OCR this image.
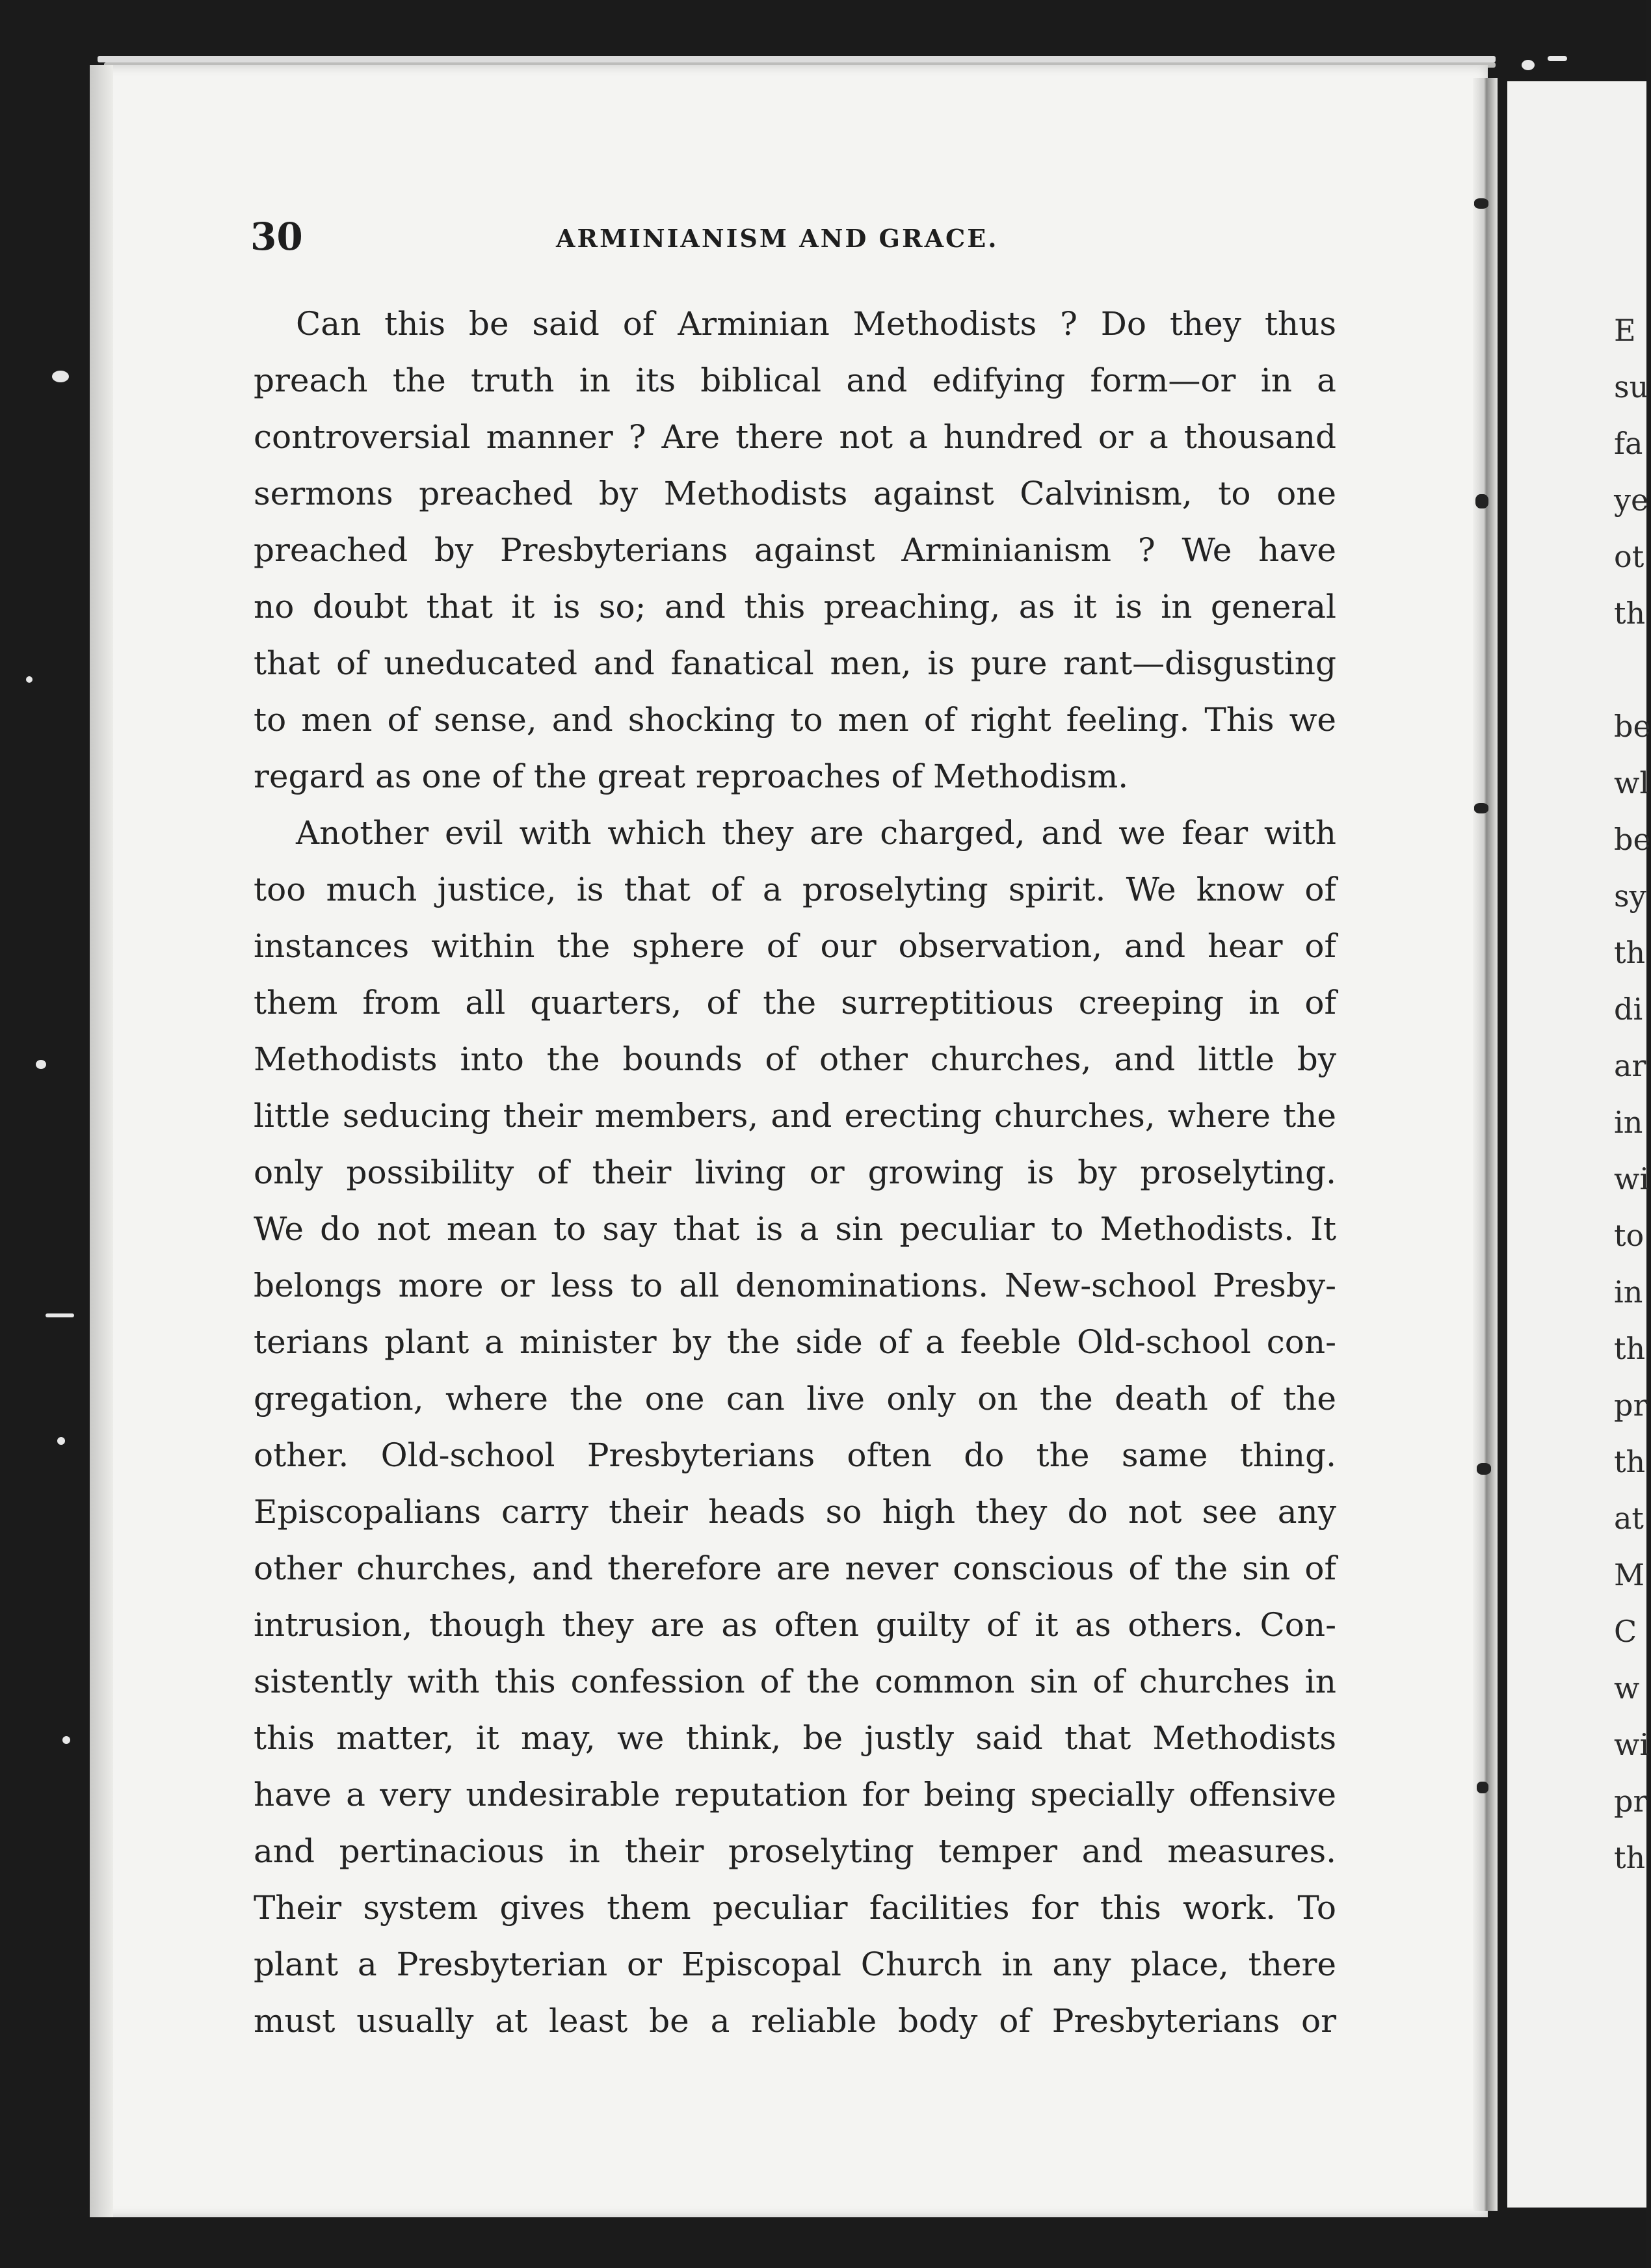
E
su
fa
ye
ot
th
be
wl
be
sy
th
di
ar
in
wi
to
in
th
pr
th
at
M
C
w
wi
pr
th
30	ARMINIANISM AND GRACE.
Can this be said of Arminian Methodists ? Do they thus
preach the truth in its biblical and edifying form—or in a
controversial manner ? Are there not a hundred or a thousand
sermons preached by Methodists against Calvinism, to one
preached by Presbyterians against Arminianism ? We have
no doubt that it is so; and this preaching, as it is in general
that of uneducated and fanatical men, is pure rant—disgusting
to men of sense, and shocking to men of right feeling. This we
regard as one of the great reproaches of Methodism.
Another evil with which they are charged, and we fear with
too much justice, is that of a proselyting spirit. We know of
instances within the sphere of our observation, and hear of
them from all quarters, of the surreptitious creeping in of
Methodists into the bounds of other churches, and little by
little seducing their members, and erecting churches, where the
only possibility of their living or growing is by proselyting.
We do not mean to say that is a sin peculiar to Methodists. It
belongs more or less to all denominations. New-school Presby-
terians plant a minister by the side of a feeble Old-school con-
gregation, where the one can live only on the death of the
other. Old-school Presbyterians often do the same thing.
Episcopalians carry their heads so high they do not see any
other churches, and therefore are never conscious of the sin of
intrusion, though they are as often guilty of it as others. Con-
sistently with this confession of the common sin of churches in
this matter, it may, we think, be justly said that Methodists
have a very undesirable reputation for being specially offensive
and pertinacious in their proselyting temper and measures.
Their system gives them peculiar facilities for this work. To
plant a Presbyterian or Episcopal Church in any place, there
must usually at least be a reliable body of Presbyterians or
